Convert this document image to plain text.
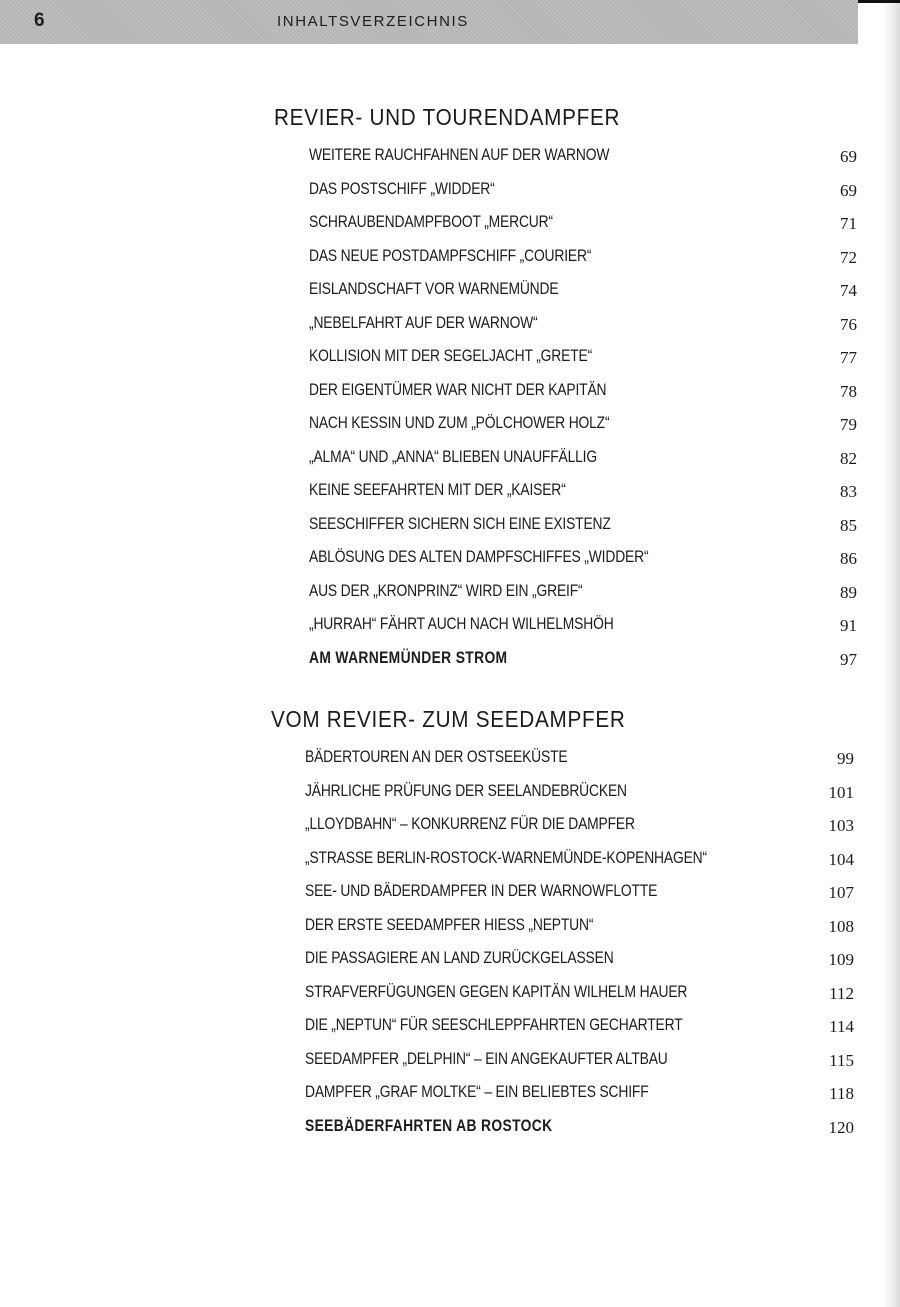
6	INHALTSVERZEICHNIS
REVIER- UND TOURENDAMPFER
WEITERE RAUCHFAHNEN AUF DER WARNOW	69
DAS POSTSCHIFF „WIDDER“	69
SCHRAUBENDAMPFBOOT „MERCUR“	71
DAS NEUE POSTDAMPFSCHIFF „COURIER“	72
EISLANDSCHAFT VOR WARNEMÜNDE	74
„NEBELFAHRT AUF DER WARNOW“	76
KOLLISION MIT DER SEGELJACHT „GRETE“	77
DER EIGENTÜMER WAR NICHT DER KAPITÄN	78
NACH KESSIN UND ZUM „PÖLCHOWER HOLZ“	79
„ALMA“ UND „ANNA“ BLIEBEN UNAUFFÄLLIG	82
KEINE SEEFAHRTEN MIT DER „KAISER“	83
SEESCHIFFER SICHERN SICH EINE EXISTENZ	85
ABLÖSUNG DES ALTEN DAMPFSCHIFFES „WIDDER“	86
AUS DER „KRONPRINZ“ WIRD EIN „GREIF“	89
„HURRAH“ FÄHRT AUCH NACH WILHELMSHÖH	91
AM WARNEMÜNDER STROM	97
VOM REVIER- ZUM SEEDAMPFER
BÄDERTOUREN AN DER OSTSEEKÜSTE	99
JÄHRLICHE PRÜFUNG DER SEELANDEBRÜCKEN	101
„LLOYDBAHN“ – KONKURRENZ FÜR DIE DAMPFER	103
„STRASSE BERLIN-ROSTOCK-WARNEMÜNDE-KOPENHAGEN“	104
SEE- UND BÄDERDAMPFER IN DER WARNOWFLOTTE	107
DER ERSTE SEEDAMPFER HIESS „NEPTUN“	108
DIE PASSAGIERE AN LAND ZURÜCKGELASSEN	109
STRAFVERFÜGUNGEN GEGEN KAPITÄN WILHELM HAUER	112
DIE „NEPTUN“ FÜR SEESCHLEPPFAHRTEN GECHARTERT	114
SEEDAMPFER „DELPHIN“ – EIN ANGEKAUFTER ALTBAU	115
DAMPFER „GRAF MOLTKE“ – EIN BELIEBTES SCHIFF	118
SEEBÄDERFAHRTEN AB ROSTOCK	120
